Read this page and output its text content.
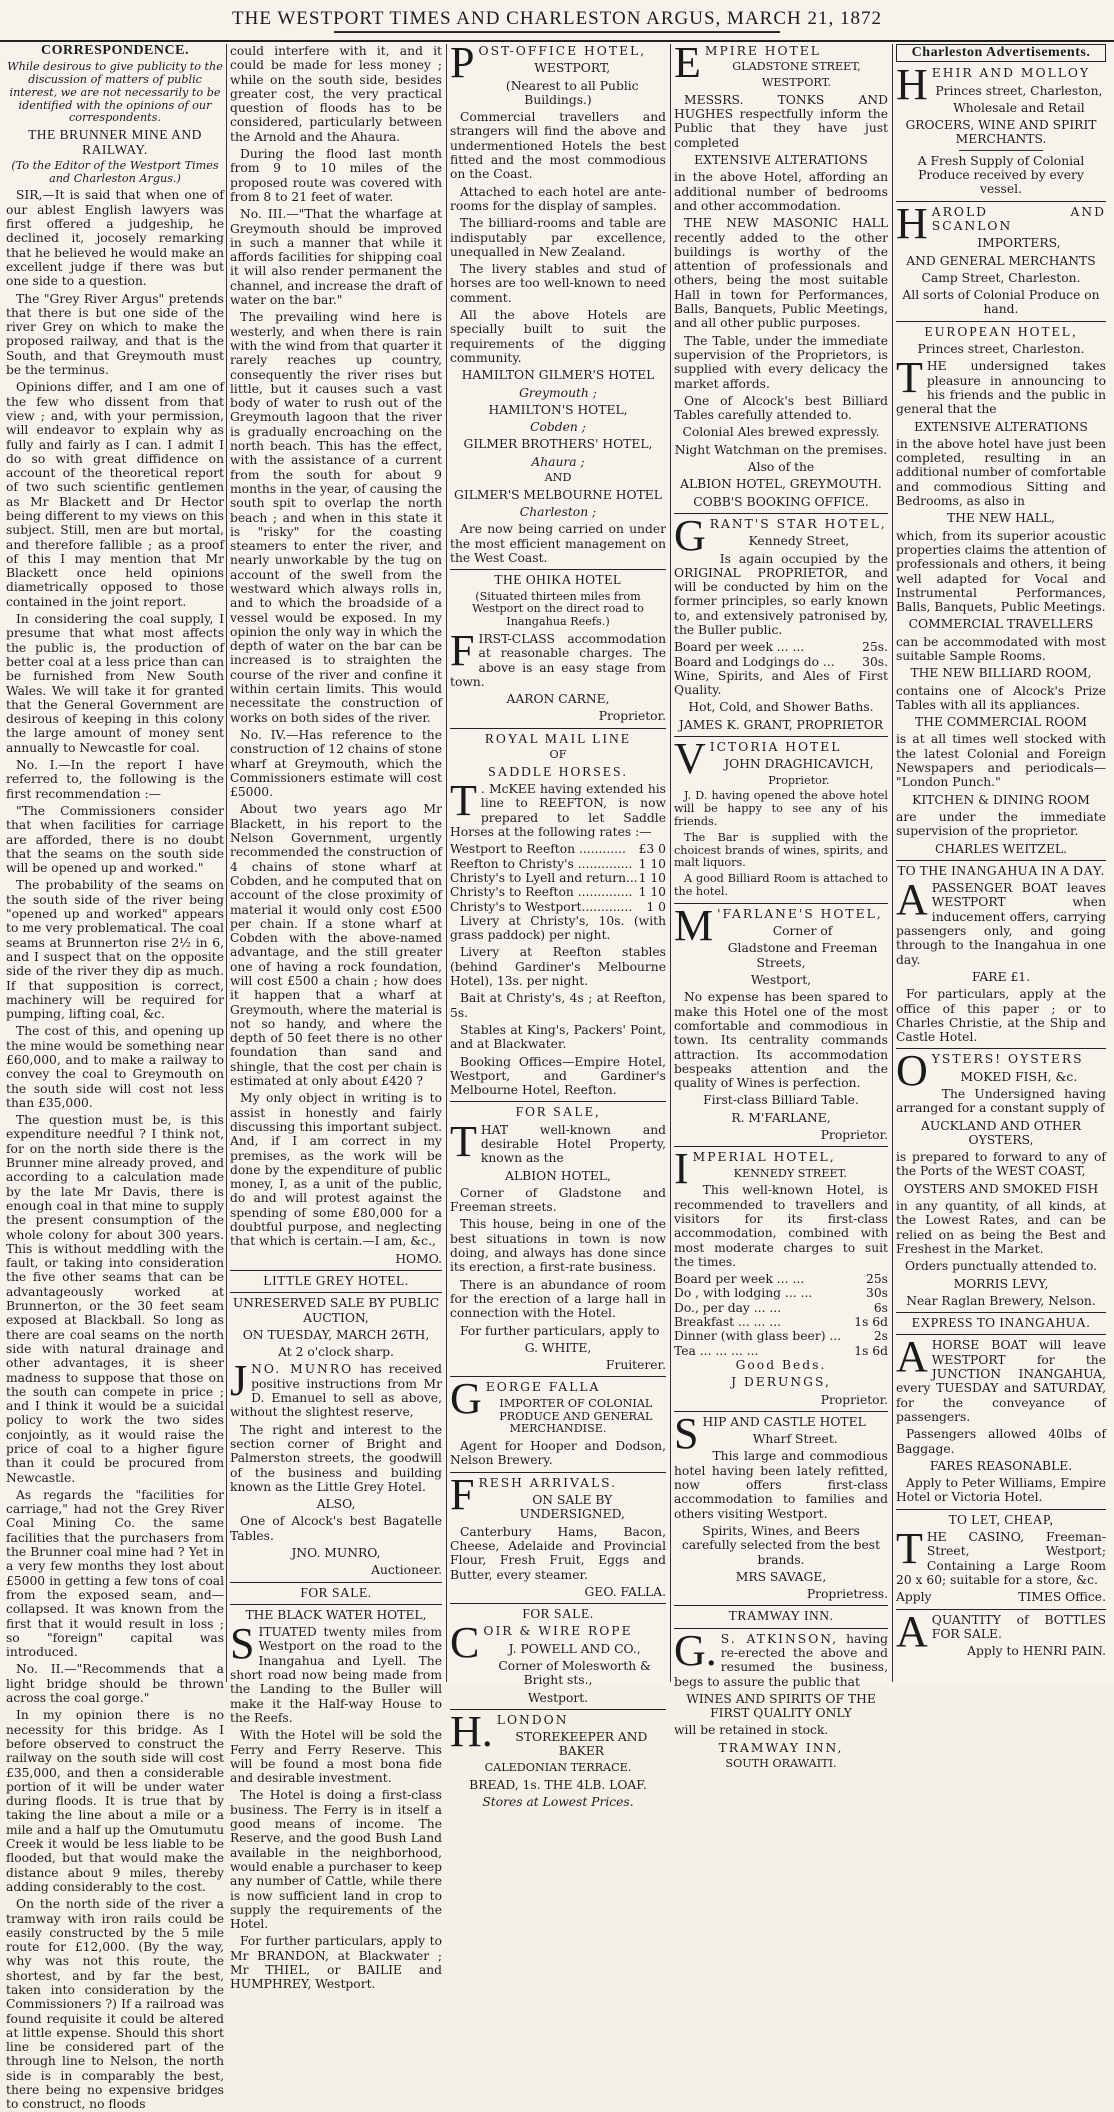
THE WESTPORT TIMES AND CHARLESTON ARGUS, MARCH 21, 1872
CORRESPONDENCE.

While desirous to give publicity to the discussion of matters of public interest, we are not necessarily to be identified with the opinions of our correspondents.

THE BRUNNER MINE AND RAILWAY.

(To the Editor of the Westport Times and Charleston Argus.)

SIR,—It is said that when one of our ablest English lawyers was first offered a judgeship, he declined it, jocosely remarking that he believed he would make an excellent judge if there was but one side to a question.

The "Grey River Argus" pretends that there is but one side of the river Grey on which to make the proposed railway, and that is the South, and that Greymouth must be the terminus.

Opinions differ, and I am one of the few who dissent from that view ; and, with your permission, will endeavor to explain why as fully and fairly as I can. I admit I do so with great diffidence on account of the theoretical report of two such scientific gentlemen as Mr Blackett and Dr Hector being different to my views on this subject. Still, men are but mortal, and therefore fallible ; as a proof of this I may mention that Mr Blackett once held opinions diametrically opposed to those contained in the joint report.

In considering the coal supply, I presume that what most affects the public is, the production of better coal at a less price than can be furnished from New South Wales. We will take it for granted that the General Government are desirous of keeping in this colony the large amount of money sent annually to Newcastle for coal.

No. I.—In the report I have referred to, the following is the first recommendation :—

"The Commissioners consider that when facilities for carriage are afforded, there is no doubt that the seams on the south side will be opened up and worked."

The probability of the seams on the south side of the river being "opened up and worked" appears to me very problematical. The coal seams at Brunnerton rise 2½ in 6, and I suspect that on the opposite side of the river they dip as much. If that supposition is correct, machinery will be required for pumping, lifting coal, &c.

The cost of this, and opening up the mine would be something near £60,000, and to make a railway to convey the coal to Greymouth on the south side will cost not less than £35,000.

The question must be, is this expenditure needful ? I think not, for on the north side there is the Brunner mine already proved, and according to a calculation made by the late Mr Davis, there is enough coal in that mine to supply the present consumption of the whole colony for about 300 years. This is without meddling with the fault, or taking into consideration the five other seams that can be advantageously worked at Brunnerton, or the 30 feet seam exposed at Blackball. So long as there are coal seams on the north side with natural drainage and other advantages, it is sheer madness to suppose that those on the south can compete in price ; and I think it would be a suicidal policy to work the two sides conjointly, as it would raise the price of coal to a higher figure than it could be procured from Newcastle.

As regards the "facilities for carriage," had not the Grey River Coal Mining Co. the same facilities that the purchasers from the Brunner coal mine had ? Yet in a very few months they lost about £5000 in getting a few tons of coal from the exposed seam, and—collapsed. It was known from the first that it would result in loss ; so "foreign" capital was introduced.

No. II.—"Recommends that a light bridge should be thrown across the coal gorge."

In my opinion there is no necessity for this bridge. As I before observed to construct the railway on the south side will cost £35,000, and then a considerable portion of it will be under water during floods. It is true that by taking the line about a mile or a mile and a half up the Omutumutu Creek it would be less liable to be flooded, but that would make the distance about 9 miles, thereby adding considerably to the cost.

On the north side of the river a tramway with iron rails could be easily constructed by the 5 mile route for £12,000. (By the way, why was not this route, the shortest, and by far the best, taken into consideration by the Commissioners ?) If a railroad was found requisite it could be altered at little expense. Should this short line be considered part of the through line to Nelson, the north side is in comparably the best, there being no expensive bridges to construct, no floods

could interfere with it, and it could be made for less money ; while on the south side, besides greater cost, the very practical question of floods has to be considered, particularly between the Arnold and the Ahaura.

During the flood last month from 9 to 10 miles of the proposed route was covered with from 8 to 21 feet of water.

No. III.—"That the wharfage at Greymouth should be improved in such a manner that while it affords facilities for shipping coal it will also render permanent the channel, and increase the draft of water on the bar."

The prevailing wind here is westerly, and when there is rain with the wind from that quarter it rarely reaches up country, consequently the river rises but little, but it causes such a vast body of water to rush out of the Greymouth lagoon that the river is gradually encroaching on the north beach. This has the effect, with the assistance of a current from the south for about 9 months in the year, of causing the south spit to overlap the north beach ; and when in this state it is "risky" for the coasting steamers to enter the river, and nearly unworkable by the tug on account of the swell from the westward which always rolls in, and to which the broadside of a vessel would be exposed. In my opinion the only way in which the depth of water on the bar can be increased is to straighten the course of the river and confine it within certain limits. This would necessitate the construction of works on both sides of the river.

No. IV.—Has reference to the construction of 12 chains of stone wharf at Greymouth, which the Commissioners estimate will cost £5000.

About two years ago Mr Blackett, in his report to the Nelson Government, urgently recommended the construction of 4 chains of stone wharf at Cobden, and he computed that on account of the close proximity of material it would only cost £500 per chain. If a stone wharf at Cobden with the above-named advantage, and the still greater one of having a rock foundation, will cost £500 a chain ; how does it happen that a wharf at Greymouth, where the material is not so handy, and where the depth of 50 feet there is no other foundation than sand and shingle, that the cost per chain is estimated at only about £420 ?

My only object in writing is to assist in honestly and fairly discussing this important subject. And, if I am correct in my premises, as the work will be done by the expenditure of public money, I, as a unit of the public, do and will protest against the spending of some £80,000 for a doubtful purpose, and neglecting that which is certain.—I am, &c.,

HOMO.

LITTLE GREY HOTEL.

UNRESERVED SALE BY PUBLIC AUCTION,

ON TUESDAY, MARCH 26TH,

At 2 o'clock sharp.

JNO. MUNRO has received positive instructions from Mr D. Emanuel to sell as above, without the slightest reserve,

The right and interest to the section corner of Bright and Palmerston streets, the goodwill of the business and building known as the Little Grey Hotel.

ALSO,

One of Alcock's best Bagatelle Tables.

JNO. MUNRO,

Auctioneer.

FOR SALE.

THE BLACK WATER HOTEL,

SITUATED twenty miles from Westport on the road to the Inangahua and Lyell. The short road now being made from the Landing to the Buller will make it the Half-way House to the Reefs.

With the Hotel will be sold the Ferry and Ferry Reserve. This will be found a most bona fide and desirable investment.

The Hotel is doing a first-class business. The Ferry is in itself a good means of income. The Reserve, and the good Bush Land available in the neighborhood, would enable a purchaser to keep any number of Cattle, while there is now sufficient land in crop to supply the requirements of the Hotel.

For further particulars, apply to Mr BRANDON, at Blackwater ; Mr THIEL, or BAILIE and HUMPHREY, Westport.

POST-OFFICE HOTEL,

WESTPORT,

(Nearest to all Public Buildings.)

Commercial travellers and strangers will find the above and undermentioned Hotels the best fitted and the most commodious on the Coast.

Attached to each hotel are ante-rooms for the display of samples.

The billiard-rooms and table are indisputably par excellence, unequalled in New Zealand.

The livery stables and stud of horses are too well-known to need comment.

All the above Hotels are specially built to suit the requirements of the digging community.

HAMILTON GILMER'S HOTEL

Greymouth ;

HAMILTON'S HOTEL,

Cobden ;

GILMER BROTHERS' HOTEL,

Ahaura ;

AND

GILMER'S MELBOURNE HOTEL

Charleston ;

Are now being carried on under the most efficient management on the West Coast.

THE OHIKA HOTEL

(Situated thirteen miles from Westport on the direct road to Inangahua Reefs.)

FIRST-CLASS accommodation at reasonable charges. The above is an easy stage from town.

AARON CARNE,

Proprietor.

ROYAL MAIL LINE

OF

SADDLE HORSES.

T . McKEE having extended his line to REEFTON, is now prepared to let Saddle Horses at the following rates :—

Westport to Reefton ............ £3 0
Reefton to Christy's .............. 1 10
Christy's to Lyell and return... 1 10
Christy's to Reefton .............. 1 10
Christy's to Westport............. 1 0

Livery at Christy's, 10s. (with grass paddock) per night.

Livery at Reefton stables (behind Gardiner's Melbourne Hotel), 13s. per night.

Bait at Christy's, 4s ; at Reefton, 5s.

Stables at King's, Packers' Point, and at Blackwater.

Booking Offices—Empire Hotel, Westport, and Gardiner's Melbourne Hotel, Reefton.

FOR SALE,

THAT well-known and desirable Hotel Property, known as the

ALBION HOTEL,

Corner of Gladstone and Freeman streets.

This house, being in one of the best situations in town is now doing, and always has done since its erection, a first-rate business.

There is an abundance of room for the erection of a large hall in connection with the Hotel.

For further particulars, apply to

G. WHITE,

Fruiterer.

GEORGE FALLA

IMPORTER OF COLONIAL PRODUCE AND GENERAL MERCHANDISE.

Agent for Hooper and Dodson, Nelson Brewery.

FRESH ARRIVALS.

ON SALE BY UNDERSIGNED,

Canterbury Hams, Bacon, Cheese, Adelaide and Provincial Flour, Fresh Fruit, Eggs and Butter, every steamer.

GEO. FALLA.

FOR SALE.

COIR & WIRE ROPE

J. POWELL AND CO.,

Corner of Molesworth & Bright sts.,

Westport.

H. LONDON

STOREKEEPER AND BAKER

CALEDONIAN TERRACE.

BREAD, 1s. THE 4LB. LOAF.

Stores at Lowest Prices.

EMPIRE HOTEL

GLADSTONE STREET,

WESTPORT.

MESSRS. TONKS AND HUGHES respectfully inform the Public that they have just completed

EXTENSIVE ALTERATIONS

in the above Hotel, affording an additional number of bedrooms and other accommodation.

THE NEW MASONIC HALL recently added to the other buildings is worthy of the attention of professionals and others, being the most suitable Hall in town for Performances, Balls, Banquets, Public Meetings, and all other public purposes.

The Table, under the immediate supervision of the Proprietors, is supplied with every delicacy the market affords.

One of Alcock's best Billiard Tables carefully attended to.

Colonial Ales brewed expressly.

Night Watchman on the premises.

Also of the

ALBION HOTEL, GREYMOUTH.

COBB'S BOOKING OFFICE.

GRANT'S STAR HOTEL,

Kennedy Street,

Is again occupied by the ORIGINAL PROPRIETOR, and will be conducted by him on the former principles, so early known to, and extensively patronised by, the Buller public.

Board per week ... ...	25s.
Board and Lodgings do ... 30s.

Wine, Spirits, and Ales of First Quality.

Hot, Cold, and Shower Baths.

JAMES K. GRANT, PROPRIETOR

VICTORIA HOTEL

JOHN DRAGHICAVICH,

Proprietor.

J. D. having opened the above hotel will be happy to see any of his friends.

The Bar is supplied with the choicest brands of wines, spirits, and malt liquors.

A good Billiard Room is attached to the hotel.

M 'FARLANE'S HOTEL,

Corner of

Gladstone and Freeman Streets,

Westport,

No expense has been spared to make this Hotel one of the most comfortable and commodious in town. Its centrality commands attraction. Its accommodation bespeaks attention and the quality of Wines is perfection.

First-class Billiard Table.

R. M'FARLANE,

Proprietor.

IMPERIAL HOTEL,

KENNEDY STREET.

This well-known Hotel, is recommended to travellers and visitors for its first-class accommodation, combined with most moderate charges to suit the times.

Board per week ... ...	25s
Do , with lodging ... ...	30s
Do., per day ... ...	6s
Breakfast ... ... ...	1s 6d
Dinner (with glass beer) ...	2s
Tea ... ... ... ...	1s 6d

Good Beds.

J DERUNGS,

Proprietor.

SHIP AND CASTLE HOTEL

Wharf Street.

This large and commodious hotel having been lately refitted, now offers first-class accommodation to families and others visiting Westport.

Spirits, Wines, and Beers carefully selected from the best brands.

MRS SAVAGE,

Proprietress.

TRAMWAY INN.

G. S. ATKINSON, having re-erected the above and resumed the business, begs to assure the public that

WINES AND SPIRITS OF THE FIRST QUALITY ONLY

will be retained in stock.

TRAMWAY INN,

SOUTH ORAWAITI.

Charleston Advertisements.

HEHIR AND MOLLOY

Princes street, Charleston,

Wholesale and Retail

GROCERS, WINE AND SPIRIT MERCHANTS.

A Fresh Supply of Colonial Produce received by every vessel.

HAROLD AND SCANLON

IMPORTERS,

AND GENERAL MERCHANTS

Camp Street, Charleston.

All sorts of Colonial Produce on hand.

EUROPEAN HOTEL,

Princes street, Charleston.

THE undersigned takes pleasure in announcing to his friends and the public in general that the

EXTENSIVE ALTERATIONS

in the above hotel have just been completed, resulting in an additional number of comfortable and commodious Sitting and Bedrooms, as also in

THE NEW HALL,

which, from its superior acoustic properties claims the attention of professionals and others, it being well adapted for Vocal and Instrumental Performances, Balls, Banquets, Public Meetings.

COMMERCIAL TRAVELLERS

can be accommodated with most suitable Sample Rooms.

THE NEW BILLIARD ROOM,

contains one of Alcock's Prize Tables with all its appliances.

THE COMMERCIAL ROOM

is at all times well stocked with the latest Colonial and Foreign Newspapers and periodicals— "London Punch."

KITCHEN & DINING ROOM

are under the immediate supervision of the proprietor.

CHARLES WEITZEL.

TO THE INANGAHUA IN A DAY.

APASSENGER BOAT leaves WESTPORT when inducement offers, carrying passengers only, and going through to the Inangahua in one day.

FARE £1.

For particulars, apply at the office of this paper ; or to Charles Christie, at the Ship and Castle Hotel.

OYSTERS! OYSTERS

MOKED FISH, &c.

The Undersigned having arranged for a constant supply of

AUCKLAND AND OTHER OYSTERS,

is prepared to forward to any of the Ports of the WEST COAST,

OYSTERS AND SMOKED FISH

in any quantity, of all kinds, at the Lowest Rates, and can be relied on as being the Best and Freshest in the Market.

Orders punctually attended to.

MORRIS LEVY,

Near Raglan Brewery, Nelson.

EXPRESS TO INANGAHUA.

AHORSE BOAT will leave WESTPORT for the JUNCTION INANGAHUA, every TUESDAY and SATURDAY, for the conveyance of passengers.

Passengers allowed 40lbs of Baggage.

FARES REASONABLE.

Apply to Peter Williams, Empire Hotel or Victoria Hotel.

TO LET, CHEAP,

THE CASINO, Freeman-Street, Westport; Containing a Large Room 20 x 60; suitable for a store, &c.

Apply	TIMES Office.

AQUANTITY of BOTTLES FOR SALE.

Apply to HENRI PAIN.
